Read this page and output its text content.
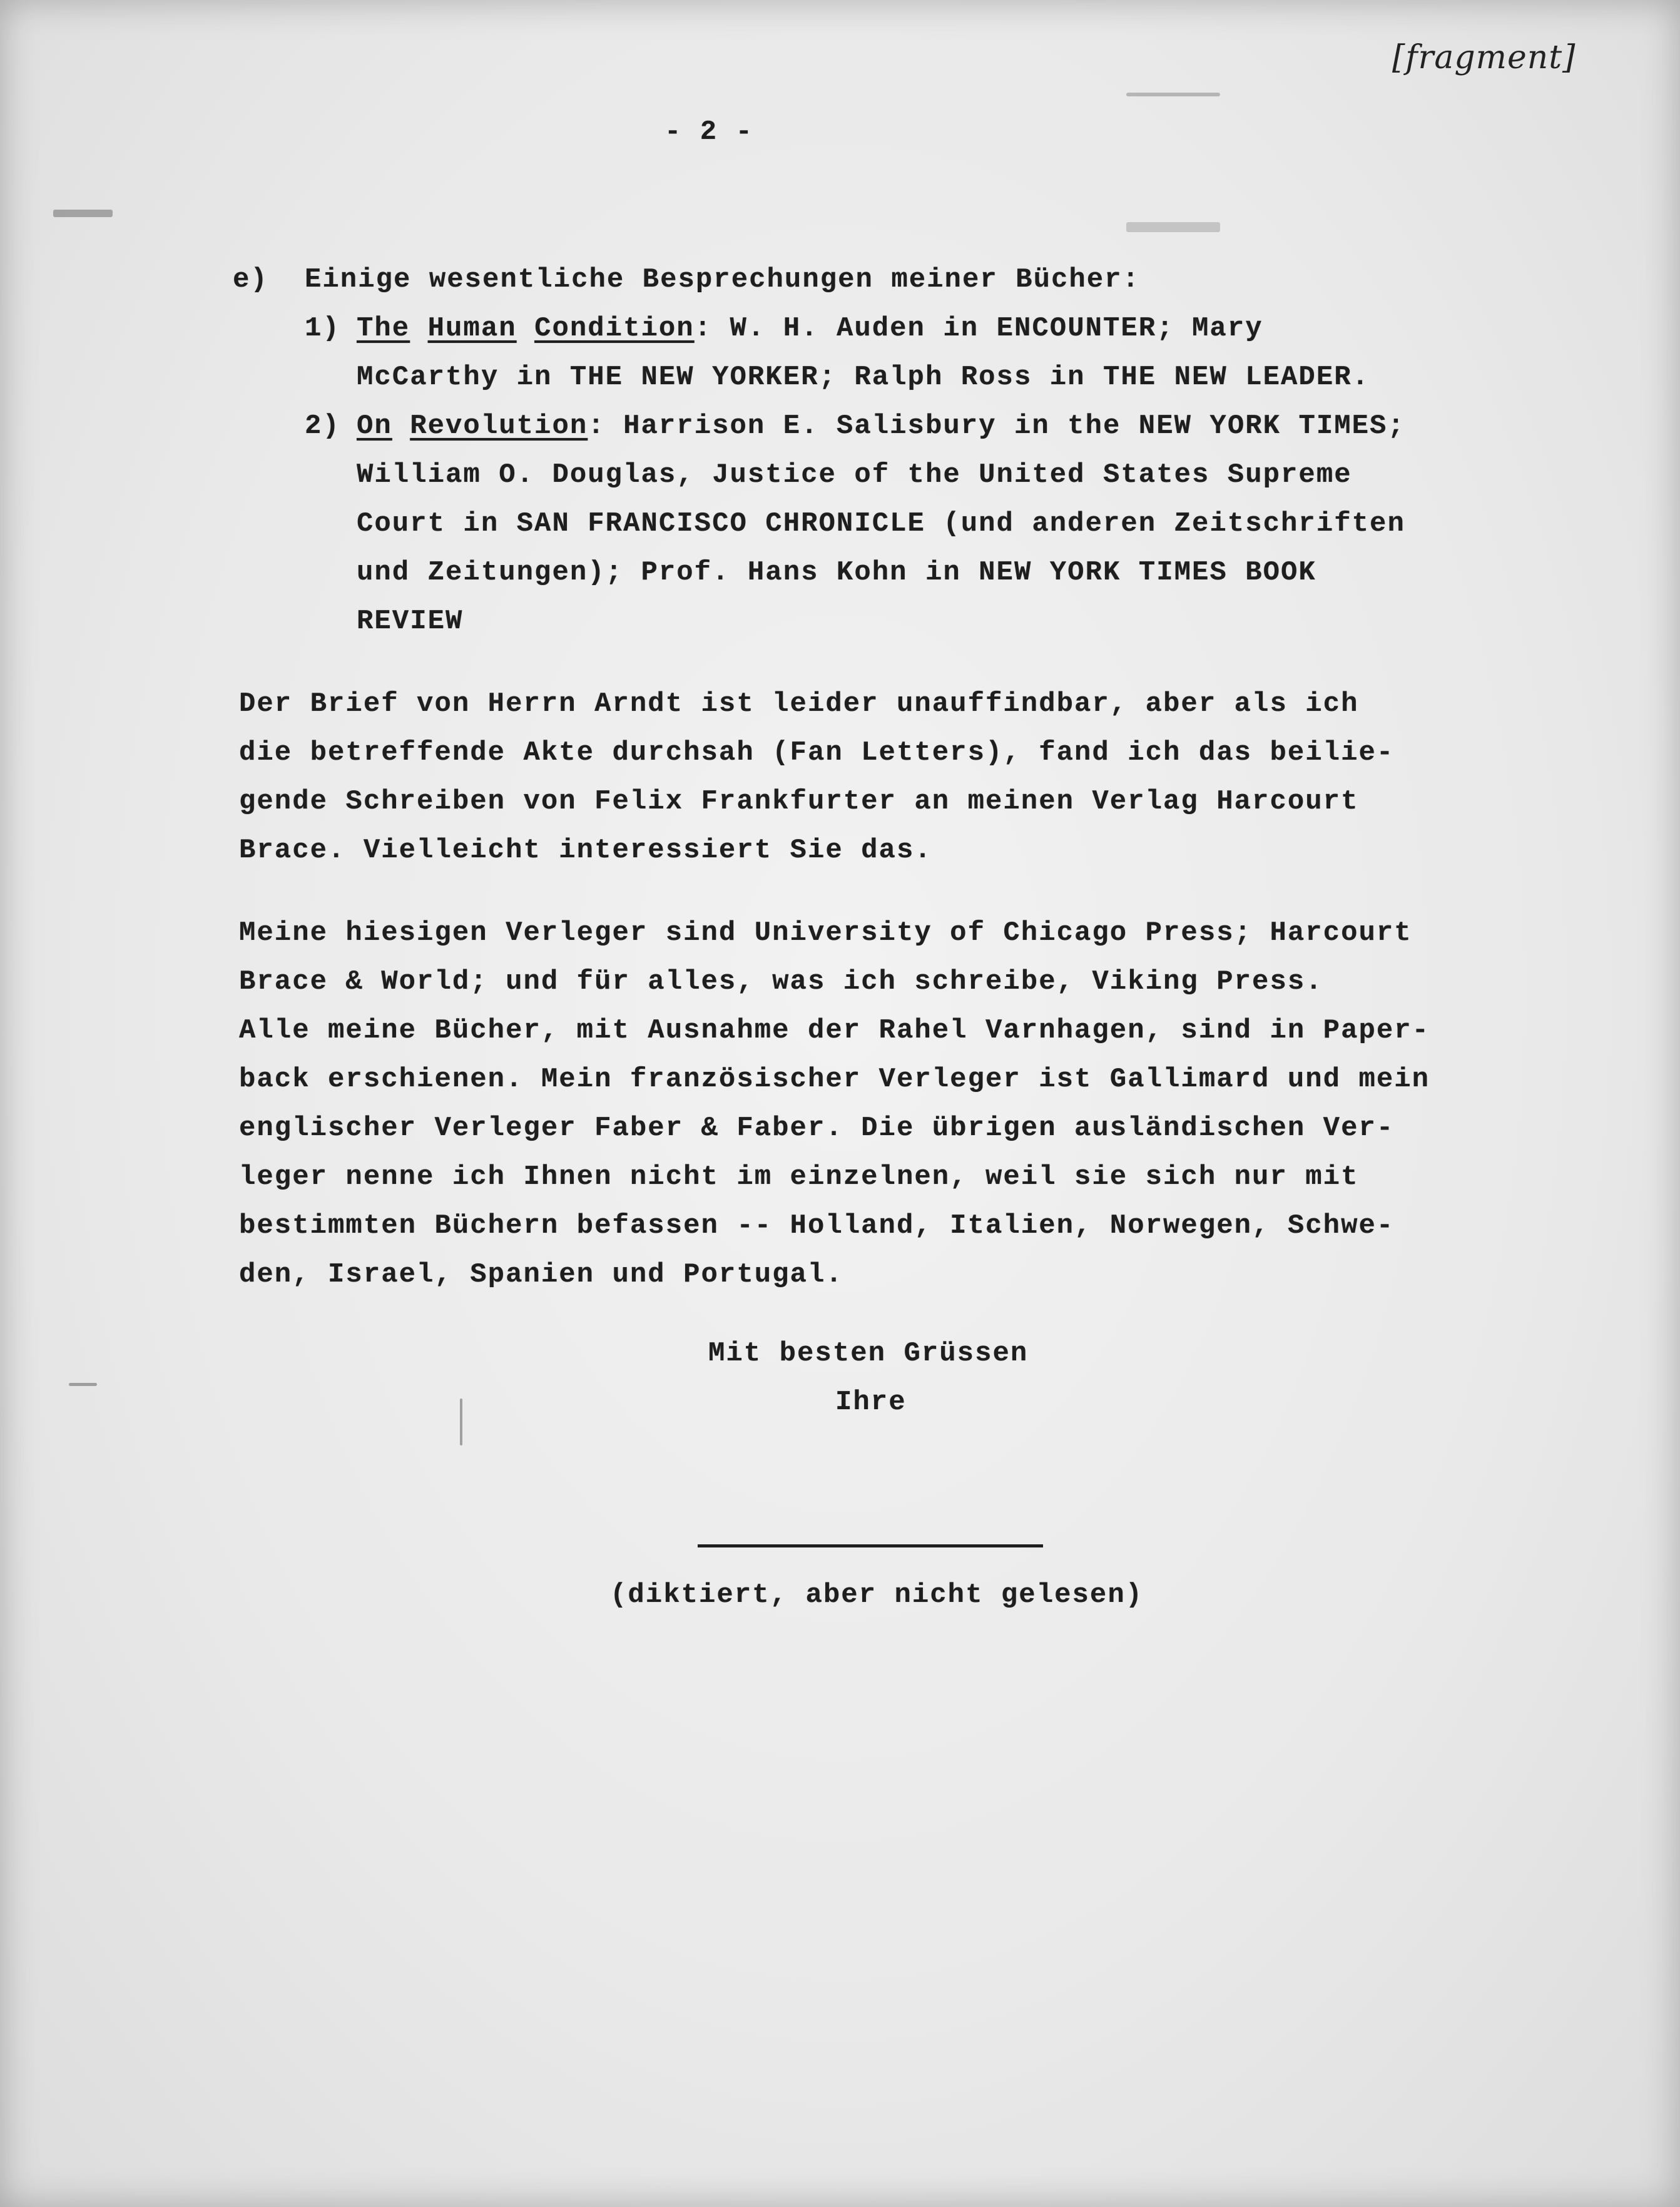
[fragment]
- 2 -
e) Einige wesentliche Besprechungen meiner Bücher:
1) The Human Condition: W. H. Auden in ENCOUNTER; Mary
McCarthy in THE NEW YORKER; Ralph Ross in THE NEW LEADER.
2) On Revolution: Harrison E. Salisbury in the NEW YORK TIMES;
William O. Douglas, Justice of the United States Supreme
Court in SAN FRANCISCO CHRONICLE (und anderen Zeitschriften
und Zeitungen); Prof. Hans Kohn in NEW YORK TIMES BOOK
REVIEW
Der Brief von Herrn Arndt ist leider unauffindbar, aber als ich
die betreffende Akte durchsah (Fan Letters), fand ich das beilie-
gende Schreiben von Felix Frankfurter an meinen Verlag Harcourt
Brace. Vielleicht interessiert Sie das.
Meine hiesigen Verleger sind University of Chicago Press; Harcourt
Brace & World; und für alles, was ich schreibe, Viking Press.
Alle meine Bücher, mit Ausnahme der Rahel Varnhagen, sind in Paper-
back erschienen. Mein französischer Verleger ist Gallimard und mein
englischer Verleger Faber & Faber. Die übrigen ausländischen Ver-
leger nenne ich Ihnen nicht im einzelnen, weil sie sich nur mit
bestimmten Büchern befassen -- Holland, Italien, Norwegen, Schwe-
den, Israel, Spanien und Portugal.
Mit besten Grüssen
Ihre
(diktiert, aber nicht gelesen)
